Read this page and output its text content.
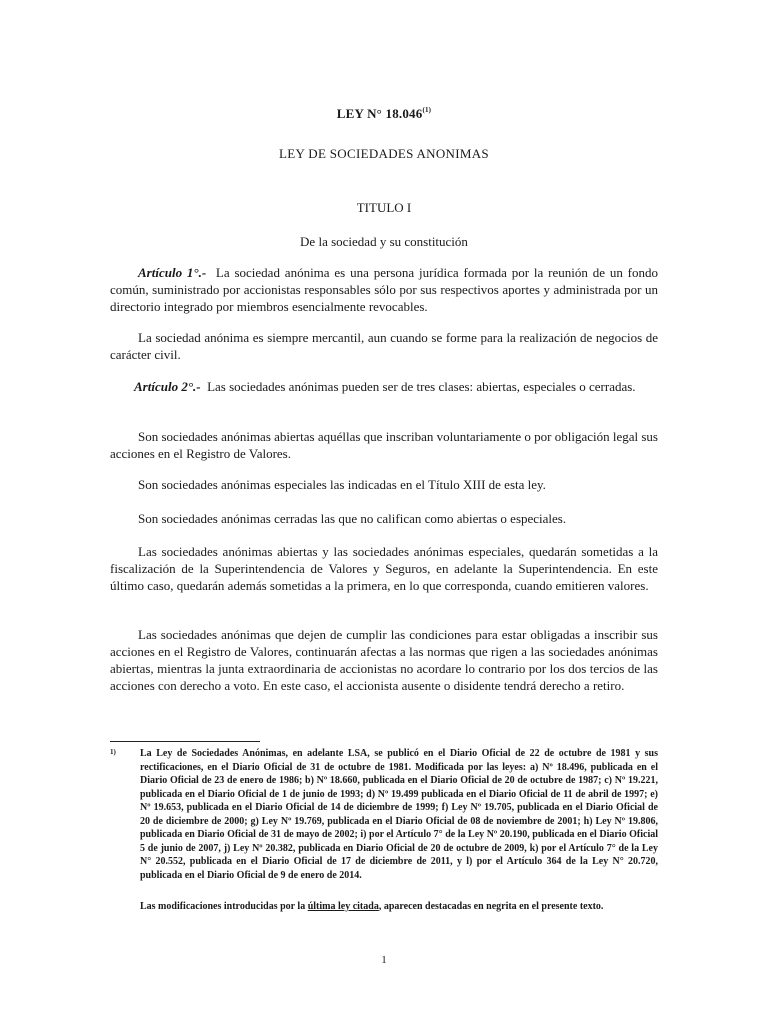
LEY N° 18.046$^{(1)}$
LEY DE SOCIEDADES ANONIMAS
TITULO I
De la sociedad y su constitución
Artículo 1°.- La sociedad anónima es una persona jurídica formada por la reunión de un fondo común, suministrado por accionistas responsables sólo por sus respectivos aportes y administrada por un directorio integrado por miembros esencialmente revocables.
La sociedad anónima es siempre mercantil, aun cuando se forme para la realización de negocios de carácter civil.
Artículo 2°.- Las sociedades anónimas pueden ser de tres clases: abiertas, especiales o cerradas.
Son sociedades anónimas abiertas aquéllas que inscriban voluntariamente o por obligación legal sus acciones en el Registro de Valores.
Son sociedades anónimas especiales las indicadas en el Título XIII de esta ley.
Son sociedades anónimas cerradas las que no califican como abiertas o especiales.
Las sociedades anónimas abiertas y las sociedades anónimas especiales, quedarán sometidas a la fiscalización de la Superintendencia de Valores y Seguros, en adelante la Superintendencia. En este último caso, quedarán además sometidas a la primera, en lo que corresponda, cuando emitieren valores.
Las sociedades anónimas que dejen de cumplir las condiciones para estar obligadas a inscribir sus acciones en el Registro de Valores, continuarán afectas a las normas que rigen a las sociedades anónimas abiertas, mientras la junta extraordinaria de accionistas no acordare lo contrario por los dos tercios de las acciones con derecho a voto. En este caso, el accionista ausente o disidente tendrá derecho a retiro.
1) La Ley de Sociedades Anónimas, en adelante LSA, se publicó en el Diario Oficial de 22 de octubre de 1981 y sus rectificaciones, en el Diario Oficial de 31 de octubre de 1981. Modificada por las leyes: a) Nº 18.496, publicada en el Diario Oficial de 23 de enero de 1986; b) Nº 18.660, publicada en el Diario Oficial de 20 de octubre de 1987; c) Nº 19.221, publicada en el Diario Oficial de 1 de junio de 1993; d) Nº 19.499 publicada en el Diario Oficial de 11 de abril de 1997; e) Nº 19.653, publicada en el Diario Oficial de 14 de diciembre de 1999; f) Ley Nº 19.705, publicada en el Diario Oficial de 20 de diciembre de 2000; g) Ley Nº 19.769, publicada en el Diario Oficial de 08 de noviembre de 2001; h) Ley Nº 19.806, publicada en Diario Oficial de 31 de mayo de 2002; i) por el Artículo 7° de la Ley Nº 20.190, publicada en el Diario Oficial 5 de junio de 2007, j) Ley Nº 20.382, publicada en Diario Oficial de 20 de octubre de 2009, k) por el Artículo 7° de la Ley N° 20.552, publicada en el Diario Oficial de 17 de diciembre de 2011, y l) por el Artículo 364 de la Ley N° 20.720, publicada en el Diario Oficial de 9 de enero de 2014.
Las modificaciones introducidas por la última ley citada, aparecen destacadas en negrita en el presente texto.
1
